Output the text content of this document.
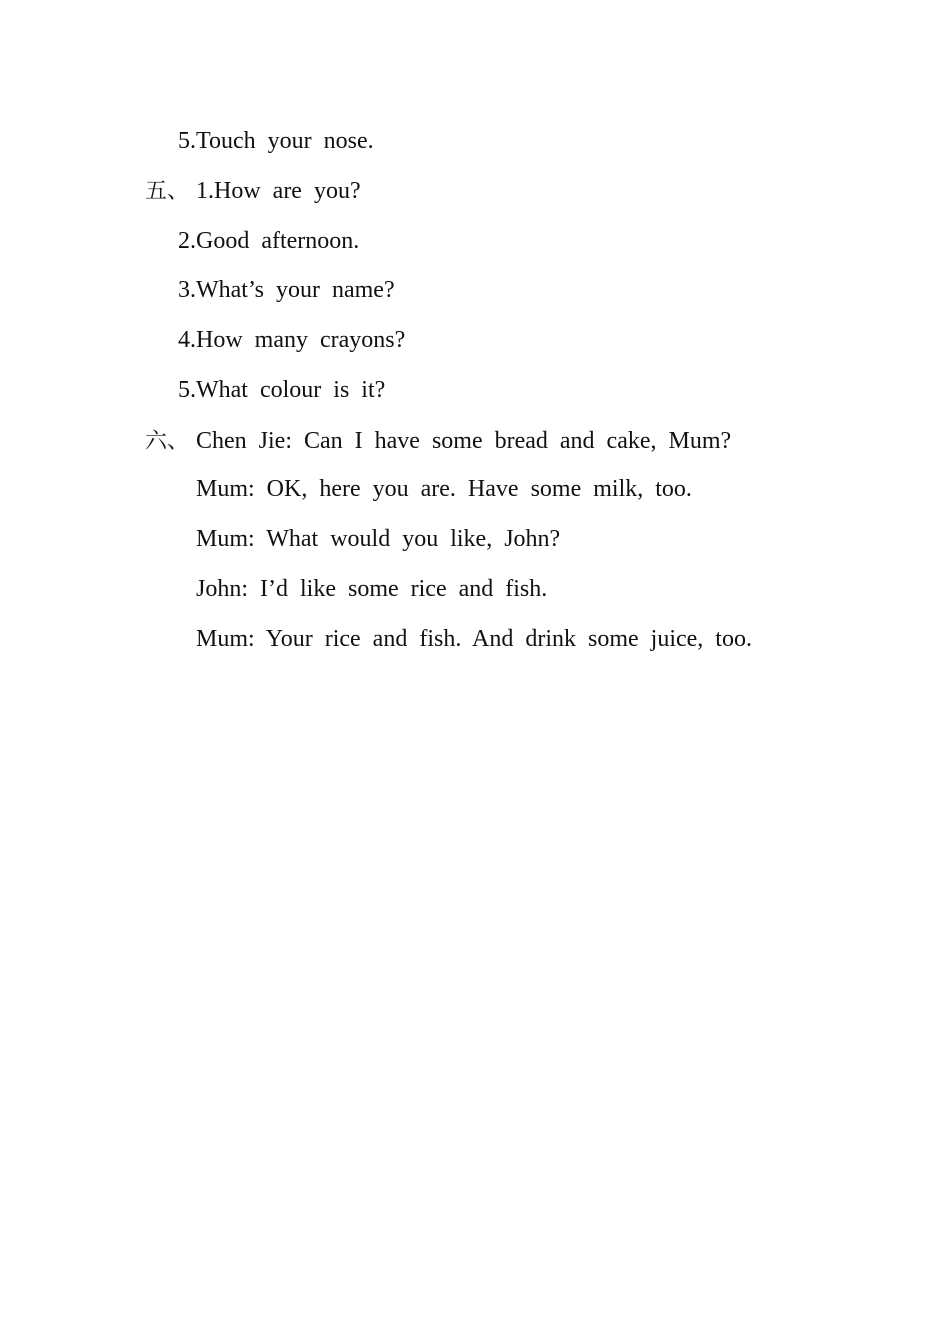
5.Touch your nose.
五、 1.How are you?
2.Good afternoon.
3.What’s your name?
4.How many crayons?
5.What colour is it?
六、 Chen Jie: Can I have some bread and cake, Mum?
Mum: OK, here you are. Have some milk, too.
Mum: What would you like, John?
John: I’d like some rice and fish.
Mum: Your rice and fish. And drink some juice, too.
